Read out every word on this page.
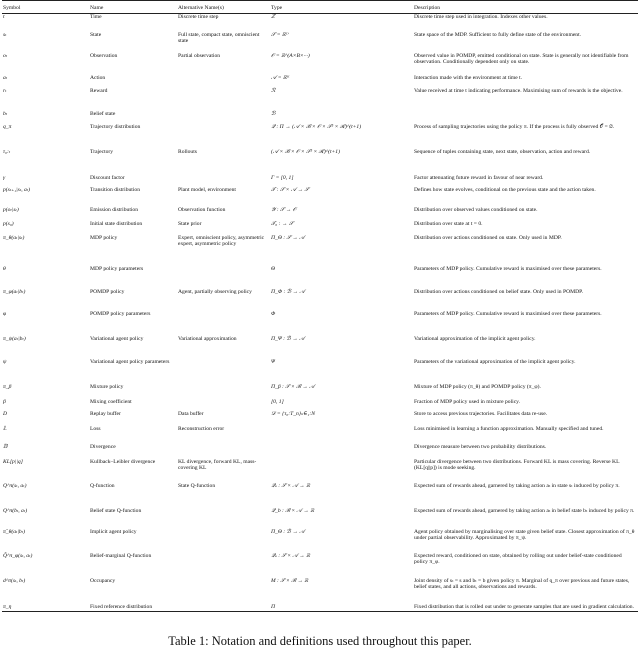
Symbol	Name	Alternative Name(s)	Type	Description
t	Time	Discrete time step	ℤ	Discrete time step used in integration. Indexes other values.
sₜ	State	Full state, compact state, omniscient state	𝒮 = ℝᴰ	State space of the MDP. Sufficient to fully define state of the environment.
oₜ	Observation	Partial observation	𝒪 = ℝ^(A×B×···)	Observed value in POMDP, emitted conditional on state. State is generally not identifiable from observation. Conditionally dependent only on state.
aₜ	Action		𝒜 = ℝᴷ	Interaction made with the environment at time t.
rₜ	Reward		ℛ	Value received at time t indicating performance. Maximising sum of rewards is the objective.
bₜ	Belief state		ℬ	
q_π	Trajectory distribution		𝒬 : Π → (𝒜 × ℬ × 𝒪 × 𝒮² × ℛ)^(t+1)	Process of sampling trajectories using the policy π. If the process is fully observed 𝒪 = ∅.
τ₀:ₜ	Trajectory	Rollouts	(𝒜 × ℬ × 𝒪 × 𝒮² × ℛ)^(t+1)	Sequence of tuples containing state, next state, observation, action and reward.
γ	Discount factor		Γ = [0, 1]	Factor attenuating future reward in favour of near reward.
p(sₜ₊₁|sₜ, aₜ)	Transition distribution	Plant model, environment	𝒯 : 𝒮 × 𝒜 → 𝒮	Defines how state evolves, conditional on the previous state and the action taken.
p(oₜ|sₜ)	Emission distribution	Observation function	𝒴 : 𝒮 → 𝒪	Distribution over observed values conditioned on state.
p(s₀)	Initial state distribution	State prior	𝒯₀ : → 𝒮	Distribution over state at t = 0.
π_θ(aₜ|sₜ)	MDP policy	Expert, omniscient policy, asymmetric expert, asymmetric policy	Π_Θ : 𝒮 → 𝒜	Distribution over actions conditioned on state. Only used in MDP.
θ	MDP policy parameters		Θ	Parameters of MDP policy. Cumulative reward is maximised over these parameters.
π_φ(aₜ|bₜ)	POMDP policy	Agent, partially observing policy	Π_Φ : ℬ → 𝒜	Distribution over actions conditioned on belief state. Only used in POMDP.
φ	POMDP policy parameters		Φ	Parameters of MDP policy. Cumulative reward is maximised over these parameters.
π_ψ(aₜ|bₜ)	Variational agent policy	Variational approximation	Π_Ψ : ℬ → 𝒜	Variational approximation of the implicit agent policy.
ψ	Variational agent policy parameters		Ψ	Parameters of the variational approximation of the implicit agent policy.
π_β	Mixture policy		Π_β : 𝒮 × ℬ → 𝒜	Mixture of MDP policy (π_θ) and POMDP policy (π_φ).
β	Mixing coefficient		[0, 1]	Fraction of MDP policy used in mixture policy.
D	Replay buffer	Data buffer	𝒟 = {τ₀:T_n}ₙ∈₁:N	Store to access previous trajectories. Facilitates data re-use.
𝕃	Loss	Reconstruction error		Loss minimised in learning a function approximation. Manually specified and tuned.
𝔻	Divergence			Divergence measure between two probability distributions.
KL[p||q]	Kullback–Leibler divergence	KL divergence, forward KL, mass-covering KL		Particular divergence between two distributions. Forward KL is mass covering. Reverse KL (KL[q||p]) is mode seeking.
Q^π(sₜ, aₜ)	Q-function	State Q-function	𝒬ₛ : 𝒮 × 𝒜 → ℝ	Expected sum of rewards ahead, garnered by taking action aₜ in state sₜ induced by policy π.
Q^π(bₜ, aₜ)	Belief state Q-function		𝒬_b : ℬ × 𝒜 → ℝ	Expected sum of rewards ahead, garnered by taking action aₜ in belief state bₜ induced by policy π.
π̂_θ(aₜ|bₜ)	Implicit agent policy		Π_Θ : ℬ → 𝒜	Agent policy obtained by marginalising over state given belief state. Closest approximation of π_θ under partial observability. Approximated by π_ψ.
Q̃^π_φ(sₜ, aₜ)	Belief-marginal Q-function		𝒬ₛ : 𝒮 × 𝒜 → ℝ	Expected reward, conditioned on state, obtained by rolling out under belief-state conditioned policy π_φ.
d^π(sₜ, bₜ)	Occupancy		M : 𝒮 × ℬ → ℝ	Joint density of sₜ = s and bₜ = b given policy π. Marginal of q_π over previous and future states, belief states, and all actions, observations and rewards.
π_η	Fixed reference distribution		Π	Fixed distribution that is rolled out under to generate samples that are used in gradient calculation.
Table 1: Notation and definitions used throughout this paper.
